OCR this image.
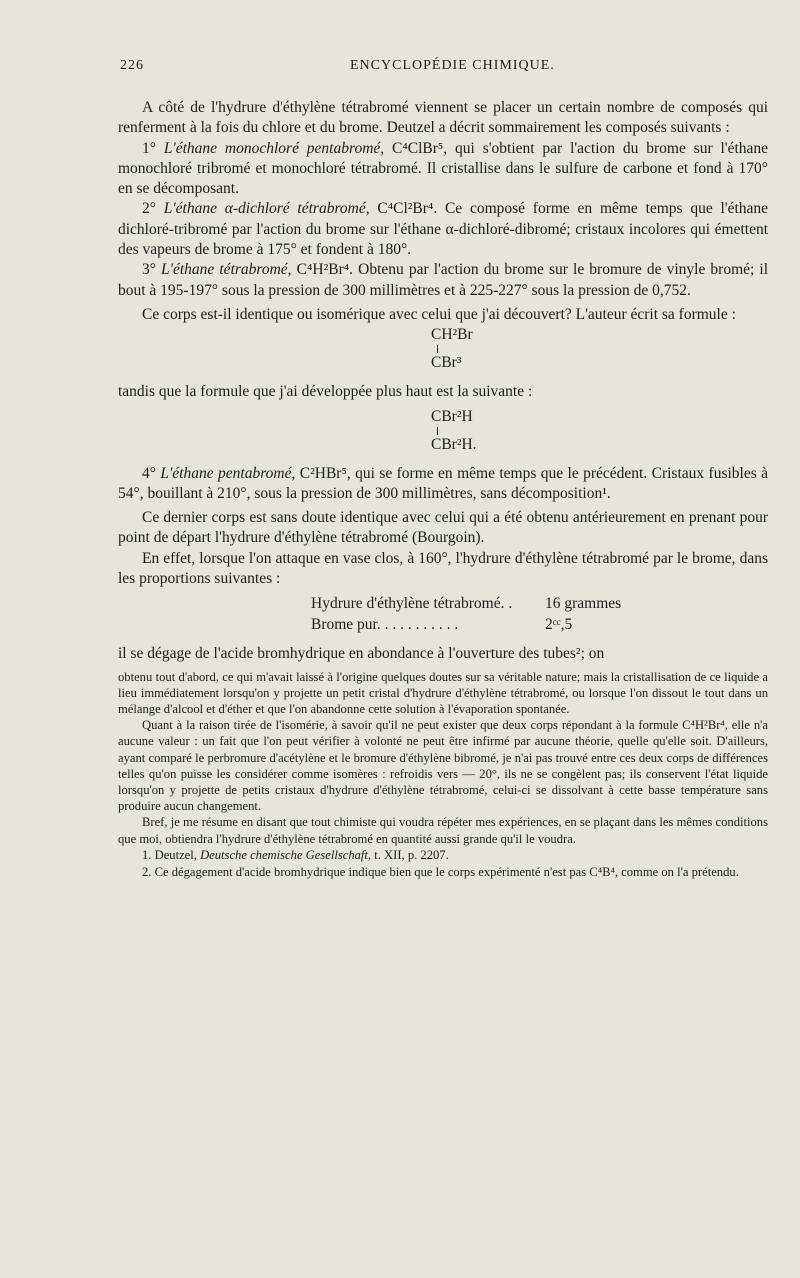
226	ENCYCLOPÉDIE CHIMIQUE.

A côté de l'hydrure d'éthylène tétrabromé viennent se placer un certain nombre de composés qui renferment à la fois du chlore et du brome. Deutzel a décrit sommairement les composés suivants :

1° L'éthane monochloré pentabromé, C⁴ClBr⁵, qui s'obtient par l'action du brome sur l'éthane monochloré tribromé et monochloré tétrabromé. Il cristallise dans le sulfure de carbone et fond à 170° en se décomposant.

2° L'éthane α-dichloré tétrabromé, C⁴Cl²Br⁴. Ce composé forme en même temps que l'éthane dichloré-tribromé par l'action du brome sur l'éthane α-dichloré-dibromé; cristaux incolores qui émettent des vapeurs de brome à 175° et fondent à 180°.

3° L'éthane tétrabromé, C⁴H²Br⁴. Obtenu par l'action du brome sur le bromure de vinyle bromé; il bout à 195-197° sous la pression de 300 millimètres et à 225-227° sous la pression de 0,752.

Ce corps est-il identique ou isomérique avec celui que j'ai découvert? L'auteur écrit sa formule :

CH²Br
CBr³

tandis que la formule que j'ai développée plus haut est la suivante :

CBr²H
CBr²H.

4° L'éthane pentabromé, C²HBr⁵, qui se forme en même temps que le précédent. Cristaux fusibles à 54°, bouillant à 210°, sous la pression de 300 millimètres, sans décomposition¹.

Ce dernier corps est sans doute identique avec celui qui a été obtenu antérieurement en prenant pour point de départ l'hydrure d'éthylène tétrabromé (Bourgoin).

En effet, lorsque l'on attaque en vase clos, à 160°, l'hydrure d'éthylène tétrabromé par le brome, dans les proportions suivantes :

Hydrure d'éthylène tétrabromé. .	16 grammes
Brome pur. . . . . . . . . . .	2ᶜᶜ,5

il se dégage de l'acide bromhydrique en abondance à l'ouverture des tubes²; on

obtenu tout d'abord, ce qui m'avait laissé à l'origine quelques doutes sur sa véritable nature; mais la cristallisation de ce liquide a lieu immédiatement lorsqu'on y projette un petit cristal d'hydrure d'éthylène tétrabromé, ou lorsque l'on dissout le tout dans un mélange d'alcool et d'éther et que l'on abandonne cette solution à l'évaporation spontanée.

Quant à la raison tirée de l'isomérie, à savoir qu'il ne peut exister que deux corps répondant à la formule C⁴H²Br⁴, elle n'a aucune valeur : un fait que l'on peut vérifier à volonté ne peut être infirmé par aucune théorie, quelle qu'elle soit. D'ailleurs, ayant comparé le perbromure d'acétylène et le bromure d'éthylène bibromé, je n'ai pas trouvé entre ces deux corps de différences telles qu'on puisse les considérer comme isomères : refroidis vers — 20°, ils ne se congèlent pas; ils conservent l'état liquide lorsqu'on y projette de petits cristaux d'hydrure d'éthylène tétrabromé, celui-ci se dissolvant à cette basse température sans produire aucun changement.

Bref, je me résume en disant que tout chimiste qui voudra répéter mes expériences, en se plaçant dans les mêmes conditions que moi, obtiendra l'hydrure d'éthylène tétrabromé en quantité aussi grande qu'il le voudra.

1. Deutzel, Deutsche chemische Gesellschaft, t. XII, p. 2207.

2. Ce dégagement d'acide bromhydrique indique bien que le corps expérimenté n'est pas C⁴B⁴, comme on l'a prétendu.
